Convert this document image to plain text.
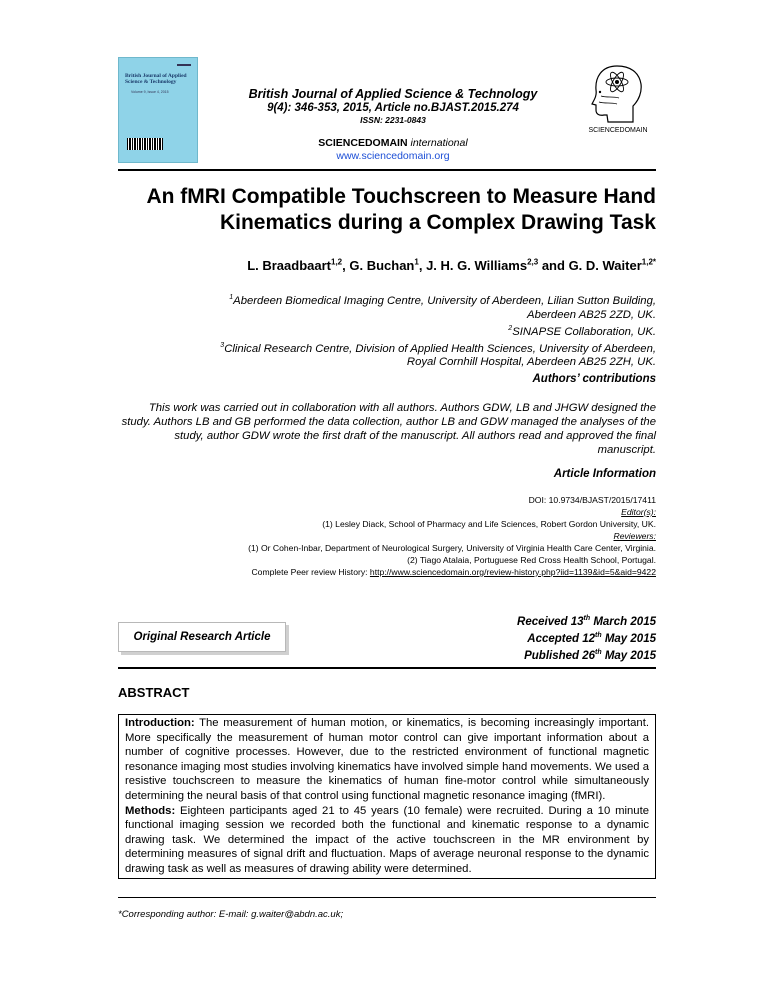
British Journal of Applied Science & Technology
Volume 9, Issue 4, 2015	British Journal of Applied Science & Technology
9(4): 346-353, 2015, Article no.BJAST.2015.274
ISSN: 2231-0843
SCIENCEDOMAIN international
www.sciencedomain.org
SCIENCEDOMAIN
An fMRI Compatible Touchscreen to Measure Hand
Kinematics during a Complex Drawing Task
L. Braadbaart$^{1,2}$, G. Buchan$^1$, J. H. G. Williams$^{2,3}$ and G. D. Waiter$^{1,2*}$
$^1$Aberdeen Biomedical Imaging Centre, University of Aberdeen, Lilian Sutton Building,
Aberdeen AB25 2ZD, UK.
$^2$SINAPSE Collaboration, UK.
$^3$Clinical Research Centre, Division of Applied Health Sciences, University of Aberdeen,
Royal Cornhill Hospital, Aberdeen AB25 2ZH, UK.
Authors’ contributions
This work was carried out in collaboration with all authors. Authors GDW, LB and JHGW designed the study. Authors LB and GB performed the data collection, author LB and GDW managed the analyses of the study, author GDW wrote the first draft of the manuscript. All authors read and approved the final manuscript.
Article Information
DOI: 10.9734/BJAST/2015/17411
Editor(s):
(1) Lesley Diack, School of Pharmacy and Life Sciences, Robert Gordon University, UK.
Reviewers:
(1) Or Cohen-Inbar, Department of Neurological Surgery, University of Virginia Health Care Center, Virginia.
(2) Tiago Atalaia, Portuguese Red Cross Health School, Portugal.
Complete Peer review History: http://www.sciencedomain.org/review-history.php?iid=1139&id=5&aid=9422
Original Research Article
Received 13th March 2015
Accepted 12th May 2015
Published 26th May 2015
ABSTRACT
Introduction: The measurement of human motion, or kinematics, is becoming increasingly important. More specifically the measurement of human motor control can give important information about a number of cognitive processes. However, due to the restricted environment of functional magnetic resonance imaging most studies involving kinematics have involved simple hand movements. We used a resistive touchscreen to measure the kinematics of human fine-motor control while simultaneously determining the neural basis of that control using functional magnetic resonance imaging (fMRI).
Methods: Eighteen participants aged 21 to 45 years (10 female) were recruited. During a 10 minute functional imaging session we recorded both the functional and kinematic response to a dynamic drawing task. We determined the impact of the active touchscreen in the MR environment by determining measures of signal drift and fluctuation. Maps of average neuronal response to the dynamic drawing task as well as measures of drawing ability were determined.
*Corresponding author: E-mail: g.waiter@abdn.ac.uk;
